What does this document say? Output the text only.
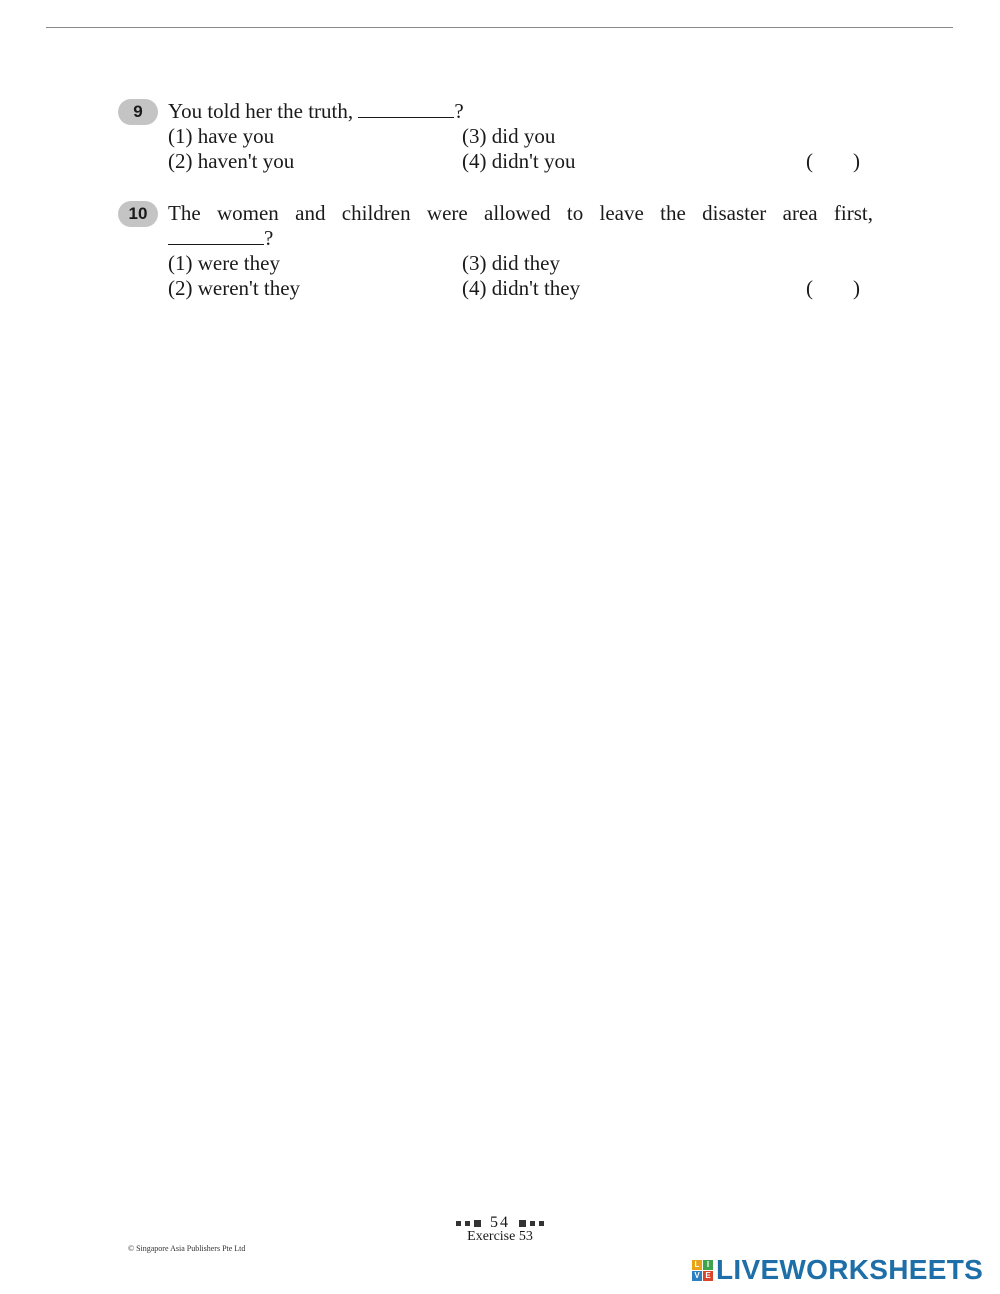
9	You told her the truth,	?
(1) have you
(2) haven't you
(3) did you
(4) didn't you	( )
10 The women and children were allowed to leave the disaster area first,
?
(1) were they
(2) weren't they
(3) did they
(4) didn't they	( )
54
Exercise 53
© Singapore Asia Publishers Pte Ltd
L I
V E LIVEWORKSHEETS
